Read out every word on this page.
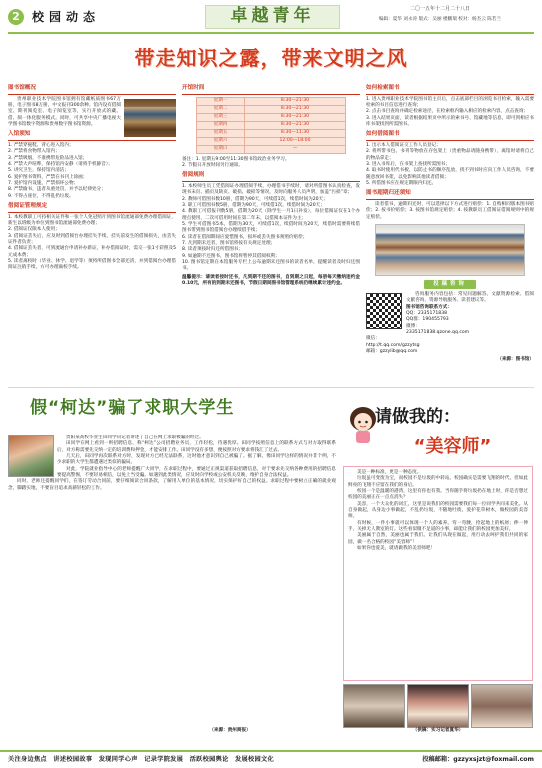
2	校园动态	卓越青年	二〇一五年十二月二十八日
编辑：夏华 刘永涛 版式：吴丽 楼鹏瑞 校对：杨杰云 陈若兰
带走知识之露，带来文明之风
图书馆概况
贵州职业技术学院图书馆拥有馆藏纸质图书67万册，电子图书8万册，中文报刊300余种。馆内设有借阅室、期刊阅览室、电子阅览室等，实行开放式的藏、借、阅一体化服务模式。同时，可共享中央广播电视大学图书馆数字资源和贵州数字图书馆资源。
入馆须知
1. 严禁穿拖鞋、背心进入馆内；
2. 严禁将食物带入馆内；
3. 严禁吸烟，不准携带危险品进入馆；
4. 严禁大声喧哗，保持馆内安静（请将手机静音）；
5. 讲究卫生，保持馆内清洁；
6. 爱护图书资料，严禁在书刊上涂画；
7. 爱护馆内设施，严禁损坏公物；
8. 严禁偷书，违者从重处罚，并予以纪律处分；
9. 不得占座位，不得乱扔垃圾。
借阅证管理规定
1. 本校教职工可持相关证件和一张个人免冠照片到图书馆流通部免费办理借阅证，新生以班级为单位到图书馆流通部免费办理；
2. 借阅证仅限本人使用；
3. 借阅证丢失后，应及时到借阅台办理挂失手续，挂失前发生的借阅损失，由丢失证件者负责；
4. 借阅证丢失者，可到流通台申请补办新证，补办借阅证时，需交一张1寸彩照及5元成本费；
5. 读者离校时（毕业、休学、退学等）须将所借图书全部还清，并到借阅台办理借阅证注销手续，方可办理离校手续。
开馆时间
星期一	8:30—21:30
星期二	8:30—21:30
星期三	8:30—21:30
星期四	8:30—21:30
星期五	8:30—11:30
星期六	12:00—18:00
星期日	—
备注：1. 星期五9:00至11:30图书馆政治业务学习。
2. 节假日开放时间另行通知。
借阅规则
1. 本校师生员工凭借阅证办理借阅手续，办理借书手续时，请对所借图书认真检查，发现书末页、插页及缺页、破损、破损等情况，及时向服务人员声明，加盖“污损”章；
2. 教师可借图书数10册，借期为90天，可续借1次，续借时间为20天；
3. 职工可借图书数5册，借期为90天，可续借1次，续借时间为20天；
4. 教职工可借报刊数5册，借期为20天（除学生一月1日补发），每位借阅证仅在1个办理点使用，二次可借用时间在第二年末，以借阅本证件为主；
5. 学生可借图书5本，借期为30天，可续借1次，续借时间为20天，续借时需要将续借图书带到图书馆借阅台办理续借手续；
6. 读者在借阅期间应爱惜图书，损坏或丢失图书须照价赔偿；
7. 凡到期未还者，图书馆将按有关规定处理；
8. 读者须按时归还所借图书；
9. 如逾期不还图书，图书馆将暂停其借阅权利；
10. 图书馆定期在本馆服务专栏上公布逾期未还图书的读者名单，提醒读者及时归还图书。
温馨提示：请读者按时还书，凡到期不还的图书，自到期之日起，每册每天缴纳违约金0.10元，所有的到期未还图书，节假日期间图书馆管理系统仍继续累计违约金。
如何检索图书
1. 进入贵州职业技术学院图书馆主页后，点击底部栏目的浏览书目检索，输入需要检索的书目信息进行查询；
2. 点击书目查询并确定检索途径，在检索框内输入相应的检索内容，点击查询；
3. 进入结果页面，读者根据结果页中所示的索书号、馆藏地等信息，即可到相应书库书架找到所需图书。
如何借阅图书
1. 出示本人借阅证交工作人员登记；
2. 将所带书包、书刊等物放在存包架上（贵重物品请随身携带），离馆时请将自己的物品拿走；
3. 进入书库后，在书架上查找所需图书；
4. 取书时使用代书板，以防止书的顺序乱放，找不到书时应向工作人员咨询，不要随意放回书架，以免影响其他读者借阅；
5. 所借图书应在规定期限内归还。
图书超期归还须知
读者借书，逾期归还时，可以选择以下方式进行赔偿：1. 自购相同版本图书赔偿；2. 按书价赔偿；3. 按图书馆规定赔偿；4. 按教职员工借阅证借阅规则中的规定赔偿。
投稿咨询
咨询服务内容包括：常见问题解答、文献资源检索、借阅文献咨询、资源导航服务、读者建议等。
图书馆咨询联系方式：
QQ：2335171838
QQ群：190455793
微博：
2335171838.qzone.qq.com
微信：
http://t.qq.com/gzzytsg
邮箱：gzzylib@qq.com
（来源：图书馆）
假“柯达”骗了求职大学生
贵阳某高校毕业生田同学向记者讲述了自己在网上求职被骗的经过。
田同学在网上看到一则招聘信息，称“柯达”公司招聘业务员，工作轻松，待遇优厚。田同学按照信息上的联系方式与对方取得联系后，对方称需要先交纳一定的培训费和押金，才能安排工作。田同学没有多想，便按照对方要求将钱汇了过去。
几天后，田同学再次联系对方时，发现对方已经无法联系，这时他才意识到自己被骗了。据了解，像田同学这样的情况并非个例，不少求职的大学生都遭遇过类似的骗局。
对此，学院就业指导中心的老师提醒广大同学，在求职过程中，要通过正规渠道获取招聘信息，对于要求先交纳各种费用的招聘信息要提高警惕，不要轻易相信，以免上当受骗。如遇到此类情况，应及时向学校或公安机关反映，维护自身合法权益。
同时，老师还提醒同学们，在签订劳动合同前，要仔细阅读合同条款，了解用人单位的基本情况，切实保护好自己的权益。求职过程中要树立正确的就业观念，脚踏实地，不要盲目追求高薪轻松的工作。
（来源：贵州商报）
请做我的：
“美容师”
美是一种标准，更是一种态度。
垃圾虽可变废为宝，而校园不是垃圾的中转站。校园确实是需要飞翔的时代，但如此鲜亮的飞翔不应留在我们的身后。
校园一个是温暖的港湾，这里有你也有我。当你随手将垃圾扔在地上时，你是否想过校园的美丽正在一点点消失？
美容，一个大众化的词汇，这里是说我们的校园需要我们每一位同学共同来美化。从自身做起，从身边小事做起，不乱扔垃圾，不随地吐痰，爱护花草树木，做校园的美容师。
有时候，一件小事就可以体现一个人的素养。弯一弯腰，捡起地上的纸屑；伸一伸手，关掉无人教室的灯。这些看似微不足道的小事，却能让我们的校园更加美好。
美丽属于自然，美丽也属于我们。让我们从现在做起，用行动去呵护我们共同的家园，做一名合格的校园“美容师”！
如果你也爱美，就请做我的美容师吧！
（供稿：实习记者夏华）
关注身边焦点　讲述校园故事　发现同学心声　记录学院发展　活跃校园舆论　发展校园文化	投稿邮箱：gzzyxsjzt@foxmail.com
